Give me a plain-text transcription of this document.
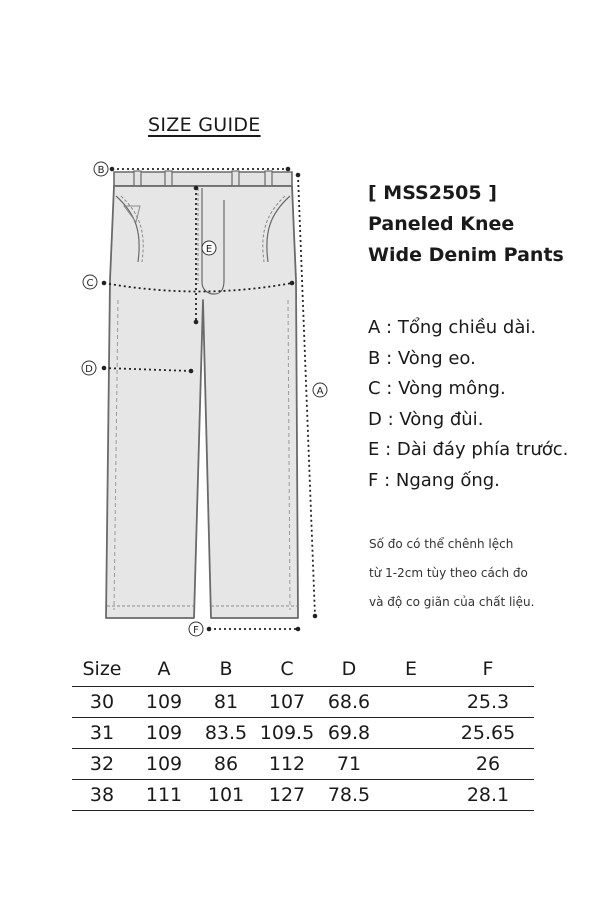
SIZE GUIDE
B
C
E
D
A
F
[ MSS2505 ]
Paneled Knee
Wide Denim Pants
A : Tổng chiều dài.
B : Vòng eo.
C : Vòng mông.
D : Vòng đùi.
E : Dài đáy phía trước.
F : Ngang ống.
Số đo có thể chênh lệch
từ 1-2cm tùy theo cách đo
và độ co giãn của chất liệu.
Size	A	B	C	D	E	F
30	109	81	107	68.6		25.3
31	109	83.5	109.5	69.8		25.65
32	109	86	112	71		26
38	111	101	127	78.5		28.1
